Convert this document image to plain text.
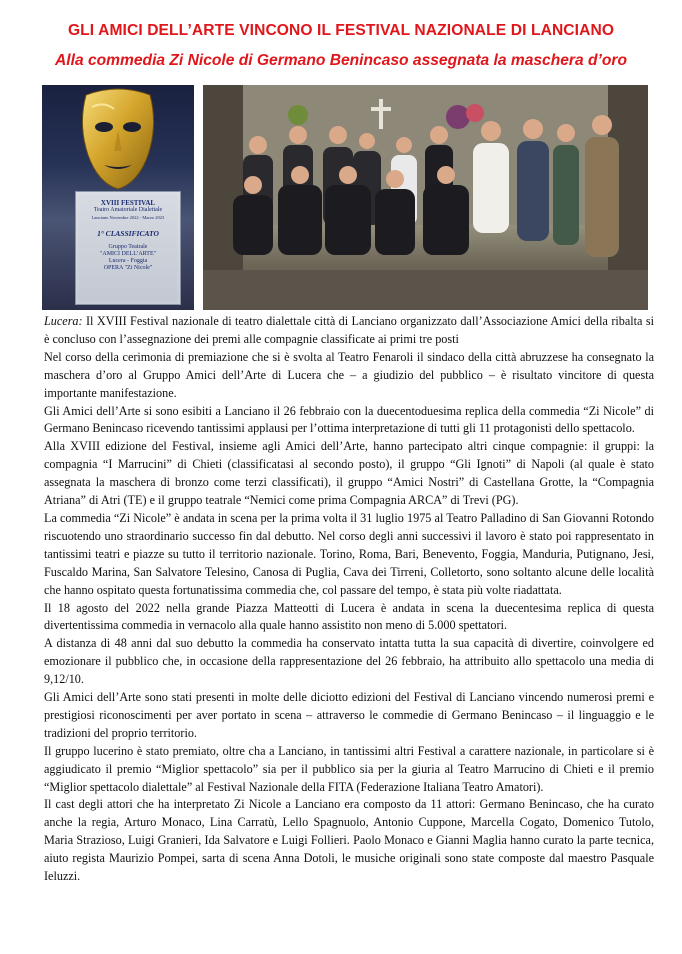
GLI AMICI DELL’ARTE VINCONO IL FESTIVAL NAZIONALE DI LANCIANO
Alla commedia Zi Nicole di Germano Benincaso assegnata la maschera d’oro
XVIII FESTIVAL
Teatro Amatoriale Dialettale
Lanciano Novembre 2022 - Marzo 2023
1° CLASSIFICATO
Gruppo Teatrale
"AMICI DELL’ARTE"
Lucera - Foggia
OPERA "Zi Nicole"

Lucera: Il XVIII Festival nazionale di teatro dialettale città di Lanciano organizzato dall’Associazione Amici della ribalta si è concluso con l’assegnazione dei premi alle compagnie classificate ai primi tre posti

Nel corso della cerimonia di premiazione che si è svolta al Teatro Fenaroli il sindaco della città abruzzese ha consegnato la maschera d’oro al Gruppo Amici dell’Arte di Lucera che – a giudizio del pubblico – è risultato vincitore di questa importante manifestazione.

Gli Amici dell’Arte si sono esibiti a Lanciano il 26 febbraio con la duecentoduesima replica della commedia “Zi Nicole” di Germano Benincaso ricevendo tantissimi applausi per l’ottima interpretazione di tutti gli 11 protagonisti dello spettacolo.

Alla XVIII edizione del Festival, insieme agli Amici dell’Arte, hanno partecipato altri cinque compagnie: il gruppi: la compagnia “I Marrucini” di Chieti (classificatasi al secondo posto), il gruppo “Gli Ignoti” di Napoli (al quale è stato assegnata la maschera di bronzo come terzi classificati), il gruppo “Amici Nostri” di Castellana Grotte, la “Compagnia Atriana” di Atri (TE) e il gruppo teatrale “Nemici come prima Compagnia ARCA” di Trevi (PG).

La commedia “Zi Nicole” è andata in scena per la prima volta il 31 luglio 1975 al Teatro Palladino di San Giovanni Rotondo riscuotendo uno straordinario successo fin dal debutto. Nel corso degli anni successivi il lavoro è stato poi rappresentato in tantissimi teatri e piazze su tutto il territorio nazionale. Torino, Roma, Bari, Benevento, Foggia, Manduria, Putignano, Jesi, Fuscaldo Marina, San Salvatore Telesino, Canosa di Puglia, Cava dei Tirreni, Colletorto, sono soltanto alcune delle località che hanno ospitato questa fortunatissima commedia che, col passare del tempo, è stata più volte riadattata.

Il 18 agosto del 2022 nella grande Piazza Matteotti di Lucera è andata in scena la duecentesima replica di questa divertentissima commedia in vernacolo alla quale hanno assistito non meno di 5.000 spettatori.

A distanza di 48 anni dal suo debutto la commedia ha conservato intatta tutta la sua capacità di divertire, coinvolgere ed emozionare il pubblico che, in occasione della rappresentazione del 26 febbraio, ha attribuito allo spettacolo una media di 9,12/10.

Gli Amici dell’Arte sono stati presenti in molte delle diciotto edizioni del Festival di Lanciano vincendo numerosi premi e prestigiosi riconoscimenti per aver portato in scena – attraverso le commedie di Germano Benincaso – il linguaggio e le tradizioni del proprio territorio.

Il gruppo lucerino è stato premiato, oltre cha a Lanciano, in tantissimi altri Festival a carattere nazionale, in particolare si è aggiudicato il premio “Miglior spettacolo” sia per il pubblico sia per la giuria al Teatro Marrucino di Chieti e il premio “Miglior spettacolo dialettale” al Festival Nazionale della FITA (Federazione Italiana Teatro Amatori).

Il cast degli attori che ha interpretato Zi Nicole a Lanciano era composto da 11 attori: Germano Benincaso, che ha curato anche la regia, Arturo Monaco, Lina Carratù, Lello Spagnuolo, Antonio Cuppone, Marcella Cogato, Domenico Tutolo, Maria Strazioso, Luigi Granieri, Ida Salvatore e Luigi Follieri. Paolo Monaco e Gianni Maglia hanno curato la parte tecnica, aiuto regista Maurizio Pompei, sarta di scena Anna Dotoli, le musiche originali sono state composte dal maestro Pasquale Ieluzzi.
